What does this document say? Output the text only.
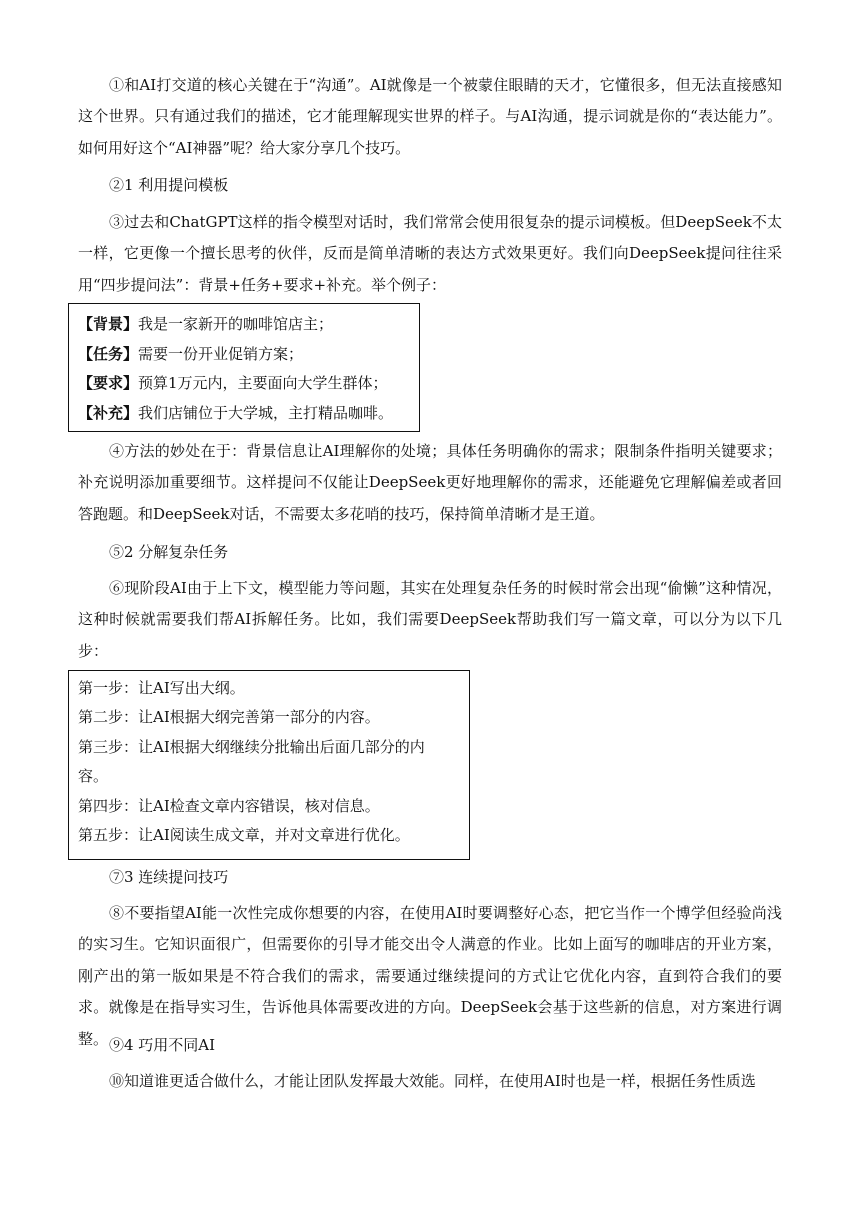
①和AI打交道的核心关键在于“沟通”。AI就像是一个被蒙住眼睛的天才，它懂很多，但无法直接感知这个世界。只有通过我们的描述，它才能理解现实世界的样子。与AI沟通，提示词就是你的“表达能力”。如何用好这个“AI神器”呢？给大家分享几个技巧。

②1 利用提问模板

③过去和ChatGPT这样的指令模型对话时，我们常常会使用很复杂的提示词模板。但DeepSeek不太一样，它更像一个擅长思考的伙伴，反而是简单清晰的表达方式效果更好。我们向DeepSeek提问往往采用“四步提问法”：背景+任务+要求+补充。举个例子：

【背景】我是一家新开的咖啡馆店主；
【任务】需要一份开业促销方案；
【要求】预算1万元内，主要面向大学生群体；
【补充】我们店铺位于大学城，主打精品咖啡。

④方法的妙处在于：背景信息让AI理解你的处境；具体任务明确你的需求；限制条件指明关键要求；补充说明添加重要细节。这样提问不仅能让DeepSeek更好地理解你的需求，还能避免它理解偏差或者回答跑题。和DeepSeek对话，不需要太多花哨的技巧，保持简单清晰才是王道。

⑤2 分解复杂任务

⑥现阶段AI由于上下文，模型能力等问题，其实在处理复杂任务的时候时常会出现“偷懒”这种情况，这种时候就需要我们帮AI拆解任务。比如，我们需要DeepSeek帮助我们写一篇文章，可以分为以下几步：

第一步：让AI写出大纲。
第二步：让AI根据大纲完善第一部分的内容。
第三步：让AI根据大纲继续分批输出后面几部分的内容。
第四步：让AI检查文章内容错误，核对信息。
第五步：让AI阅读生成文章，并对文章进行优化。

⑦3 连续提问技巧

⑧不要指望AI能一次性完成你想要的内容，在使用AI时要调整好心态，把它当作一个博学但经验尚浅的实习生。它知识面很广，但需要你的引导才能交出令人满意的作业。比如上面写的咖啡店的开业方案，刚产出的第一版如果是不符合我们的需求，需要通过继续提问的方式让它优化内容，直到符合我们的要求。就像是在指导实习生，告诉他具体需要改进的方向。DeepSeek会基于这些新的信息，对方案进行调整。 ⑨4 巧用不同AI

⑩知道谁更适合做什么，才能让团队发挥最大效能。同样，在使用AI时也是一样，根据任务性质选
